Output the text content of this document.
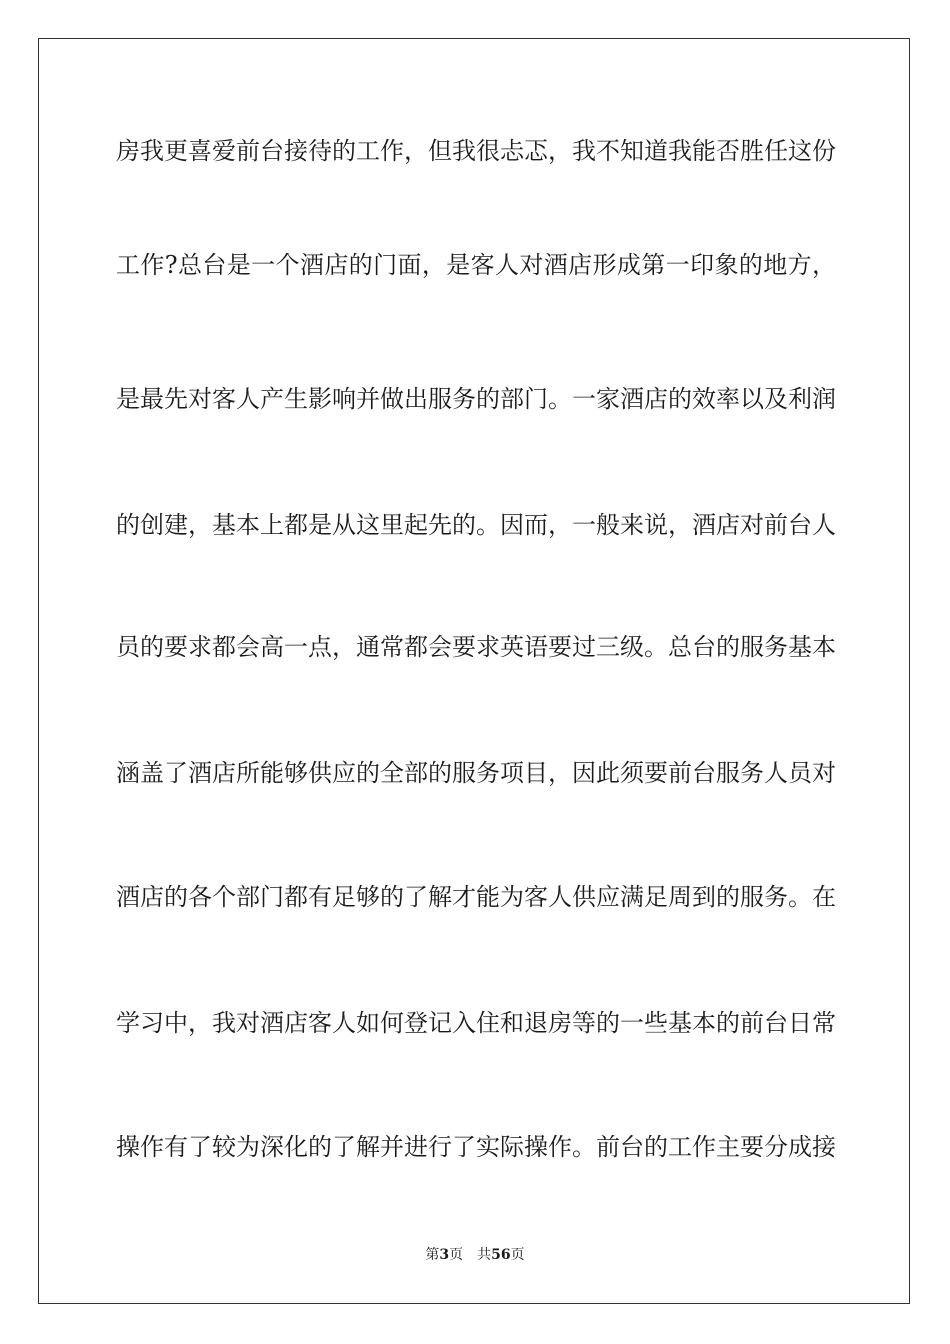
房我更喜爱前台接待的工作，但我很忐忑，我不知道我能否胜任这份
工作?总台是一个酒店的门面，是客人对酒店形成第一印象的地方，
是最先对客人产生影响并做出服务的部门。一家酒店的效率以及利润
的创建，基本上都是从这里起先的。因而，一般来说，酒店对前台人
员的要求都会高一点，通常都会要求英语要过三级。总台的服务基本
涵盖了酒店所能够供应的全部的服务项目，因此须要前台服务人员对
酒店的各个部门都有足够的了解才能为客人供应满足周到的服务。在
学习中，我对酒店客人如何登记入住和退房等的一些基本的前台日常
操作有了较为深化的了解并进行了实际操作。前台的工作主要分成接
第3页 共56页
